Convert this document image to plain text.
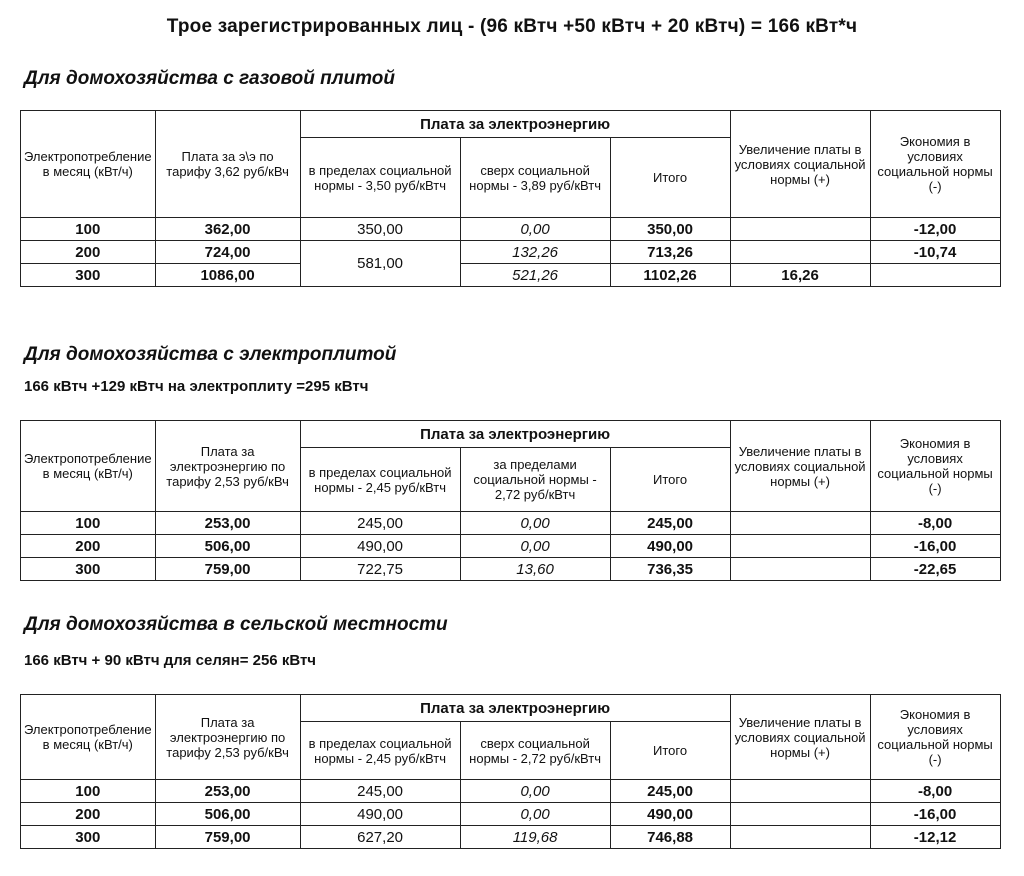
Трое зарегистрированных лиц - (96 кВтч +50 кВтч + 20 кВтч) = 166 кВт*ч
Для домохозяйства с газовой плитой
Электропотребление в месяц (кВт/ч)	Плата за э\э по тарифу 3,62 руб/кВч	Плата за электроэнергию			Увеличение платы в условиях социальной нормы (+)	Экономия в условиях социальной нормы (-)
		в пределах социальной нормы - 3,50 руб/кВтч	сверх социальной нормы - 3,89 руб/кВтч	Итого		
100	362,00	350,00	0,00	350,00		-12,00
200	724,00	581,00	132,26	713,26		-10,74
300	1086,00		521,26	1102,26	16,26	
Для домохозяйства с электроплитой
166 кВтч +129 кВтч на электроплиту =295 кВтч
Электропотребление в месяц (кВт/ч)	Плата за электроэнергию по тарифу 2,53 руб/кВч	Плата за электроэнергию			Увеличение платы в условиях социальной нормы (+)	Экономия в условиях социальной нормы (-)
		в пределах социальной нормы - 2,45 руб/кВтч	за пределами социальной нормы - 2,72 руб/кВтч	Итого		
100	253,00	245,00	0,00	245,00		-8,00
200	506,00	490,00	0,00	490,00		-16,00
300	759,00	722,75	13,60	736,35		-22,65
Для домохозяйства в сельской местности
166 кВтч + 90 кВтч для селян= 256 кВтч
Электропотребление в месяц (кВт/ч)	Плата за электроэнергию по тарифу 2,53 руб/кВч	Плата за электроэнергию			Увеличение платы в условиях социальной нормы (+)	Экономия в условиях социальной нормы (-)
		в пределах социальной нормы - 2,45 руб/кВтч	сверх социальной нормы - 2,72 руб/кВтч	Итого		
100	253,00	245,00	0,00	245,00		-8,00
200	506,00	490,00	0,00	490,00		-16,00
300	759,00	627,20	119,68	746,88		-12,12
